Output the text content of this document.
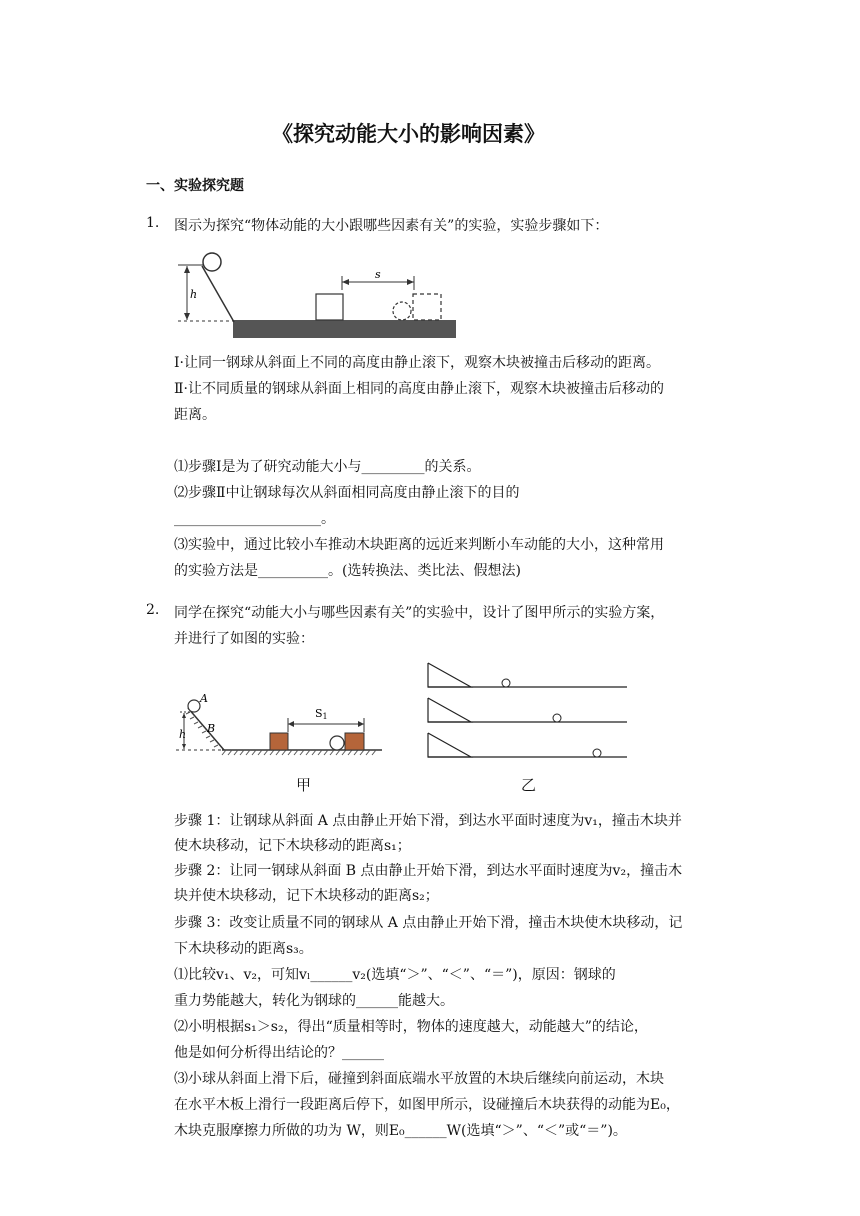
《探究动能大小的影响因素》
一、实验探究题
1. 图示为探究“物体动能的大小跟哪些因素有关”的实验，实验步骤如下：
h
s
Ⅰ·让同一钢球从斜面上不同的高度由静止滚下，观察木块被撞击后移动的距离。
Ⅱ·让不同质量的钢球从斜面上相同的高度由静止滚下，观察木块被撞击后移动的
距离。
⑴步骤Ⅰ是为了研究动能大小与_________的关系。
⑵步骤Ⅱ中让钢球每次从斜面相同高度由静止滚下的目的
_____________________。
⑶实验中，通过比较小车推动木块距离的远近来判断小车动能的大小，这种常用
的实验方法是__________。(选转换法、类比法、假想法)
2. 同学在探究“动能大小与哪些因素有关”的实验中，设计了图甲所示的实验方案，
并进行了如图的实验：
A
B
h
S1
甲	乙
步骤 1：让钢球从斜面 A 点由静止开始下滑，到达水平面时速度为v₁，撞击木块并
使木块移动，记下木块移动的距离s₁；
步骤 2：让同一钢球从斜面 B 点由静止开始下滑，到达水平面时速度为v₂，撞击木
块并使木块移动，记下木块移动的距离s₂；
步骤 3：改变让质量不同的钢球从 A 点由静止开始下滑，撞击木块使木块移动，记
下木块移动的距离s₃。
⑴比较v₁、v₂，可知vₗ______v₂(选填“＞”、“＜”、“＝”)，原因：钢球的
重力势能越大，转化为钢球的______能越大。
⑵小明根据s₁＞s₂，得出“质量相等时，物体的速度越大，动能越大”的结论，
他是如何分析得出结论的？______
⑶小球从斜面上滑下后，碰撞到斜面底端水平放置的木块后继续向前运动，木块
在水平木板上滑行一段距离后停下，如图甲所示，设碰撞后木块获得的动能为E₀，
木块克服摩擦力所做的功为 W，则E₀______W(选填“＞”、“＜”或“＝”)。
